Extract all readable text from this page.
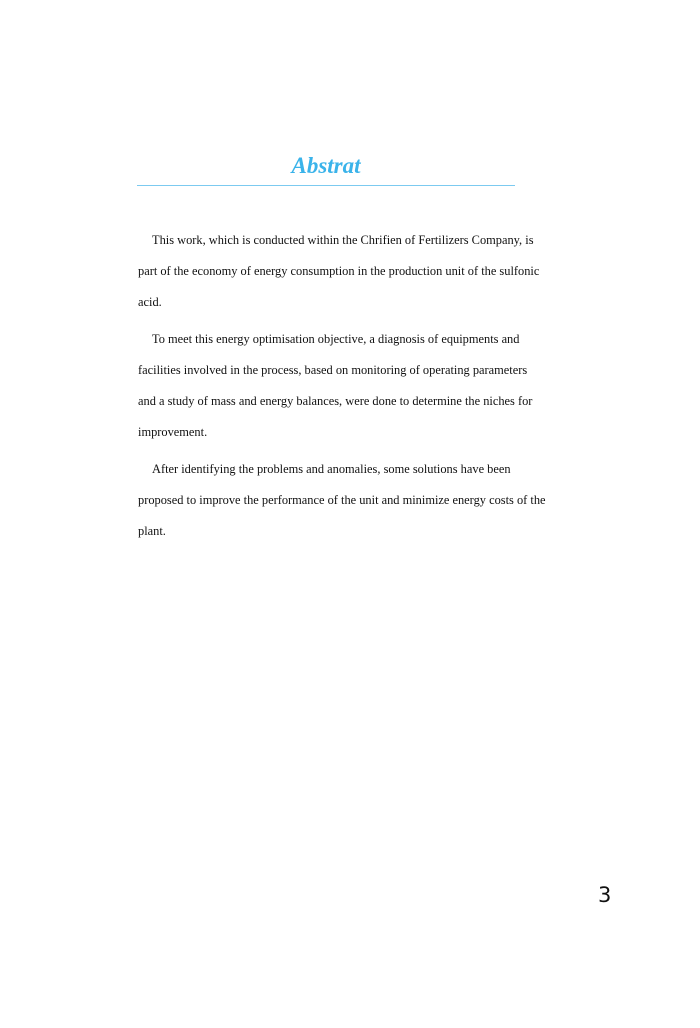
Abstrat

This work, which is conducted within the Chrifien of Fertilizers Company, is
part of the economy of energy consumption in the production unit of the sulfonic
acid.

To meet this energy optimisation objective, a diagnosis of equipments and
facilities involved in the process, based on monitoring of operating parameters
and a study of mass and energy balances, were done to determine the niches for
improvement.

After identifying the problems and anomalies, some solutions have been
proposed to improve the performance of the unit and minimize energy costs of the
plant.

3
